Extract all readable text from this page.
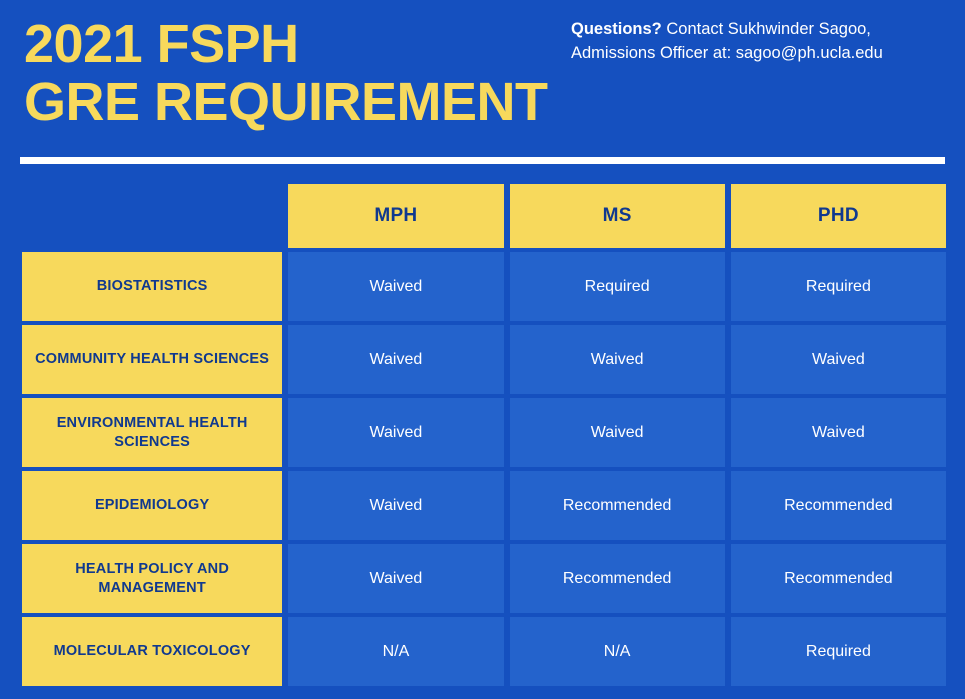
2021 FSPH
GRE REQUIREMENT
Questions? Contact Sukhwinder Sagoo, Admissions Officer at: sagoo@ph.ucla.edu
	MPH	MS	PHD
BIOSTATISTICS	Waived	Required	Required
COMMUNITY HEALTH SCIENCES	Waived	Waived	Waived
ENVIRONMENTAL HEALTH SCIENCES	Waived	Waived	Waived
EPIDEMIOLOGY	Waived	Recommended	Recommended
HEALTH POLICY AND MANAGEMENT	Waived	Recommended	Recommended
MOLECULAR TOXICOLOGY	N/A	N/A	Required
